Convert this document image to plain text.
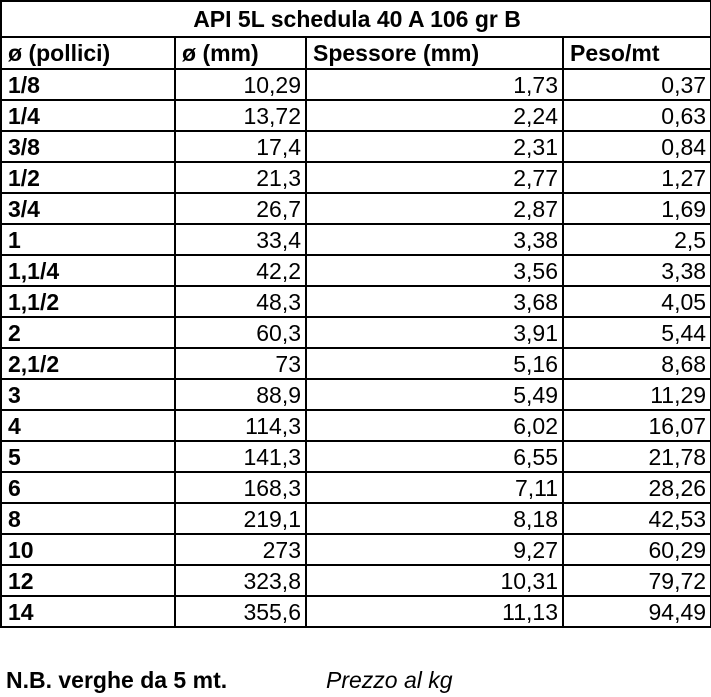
API 5L schedula 40 A 106 gr B			
ø (pollici)	ø (mm)	Spessore (mm)	Peso/mt
1/8	10,29	1,73	0,37
1/4	13,72	2,24	0,63
3/8	17,4	2,31	0,84
1/2	21,3	2,77	1,27
3/4	26,7	2,87	1,69
1	33,4	3,38	2,5
1,1/4	42,2	3,56	3,38
1,1/2	48,3	3,68	4,05
2	60,3	3,91	5,44
2,1/2	73	5,16	8,68
3	88,9	5,49	11,29
4	114,3	6,02	16,07
5	141,3	6,55	21,78
6	168,3	7,11	28,26
8	219,1	8,18	42,53
10	273	9,27	60,29
12	323,8	10,31	79,72
14	355,6	11,13	94,49
N.B. verghe da 5 mt.	Prezzo al kg
